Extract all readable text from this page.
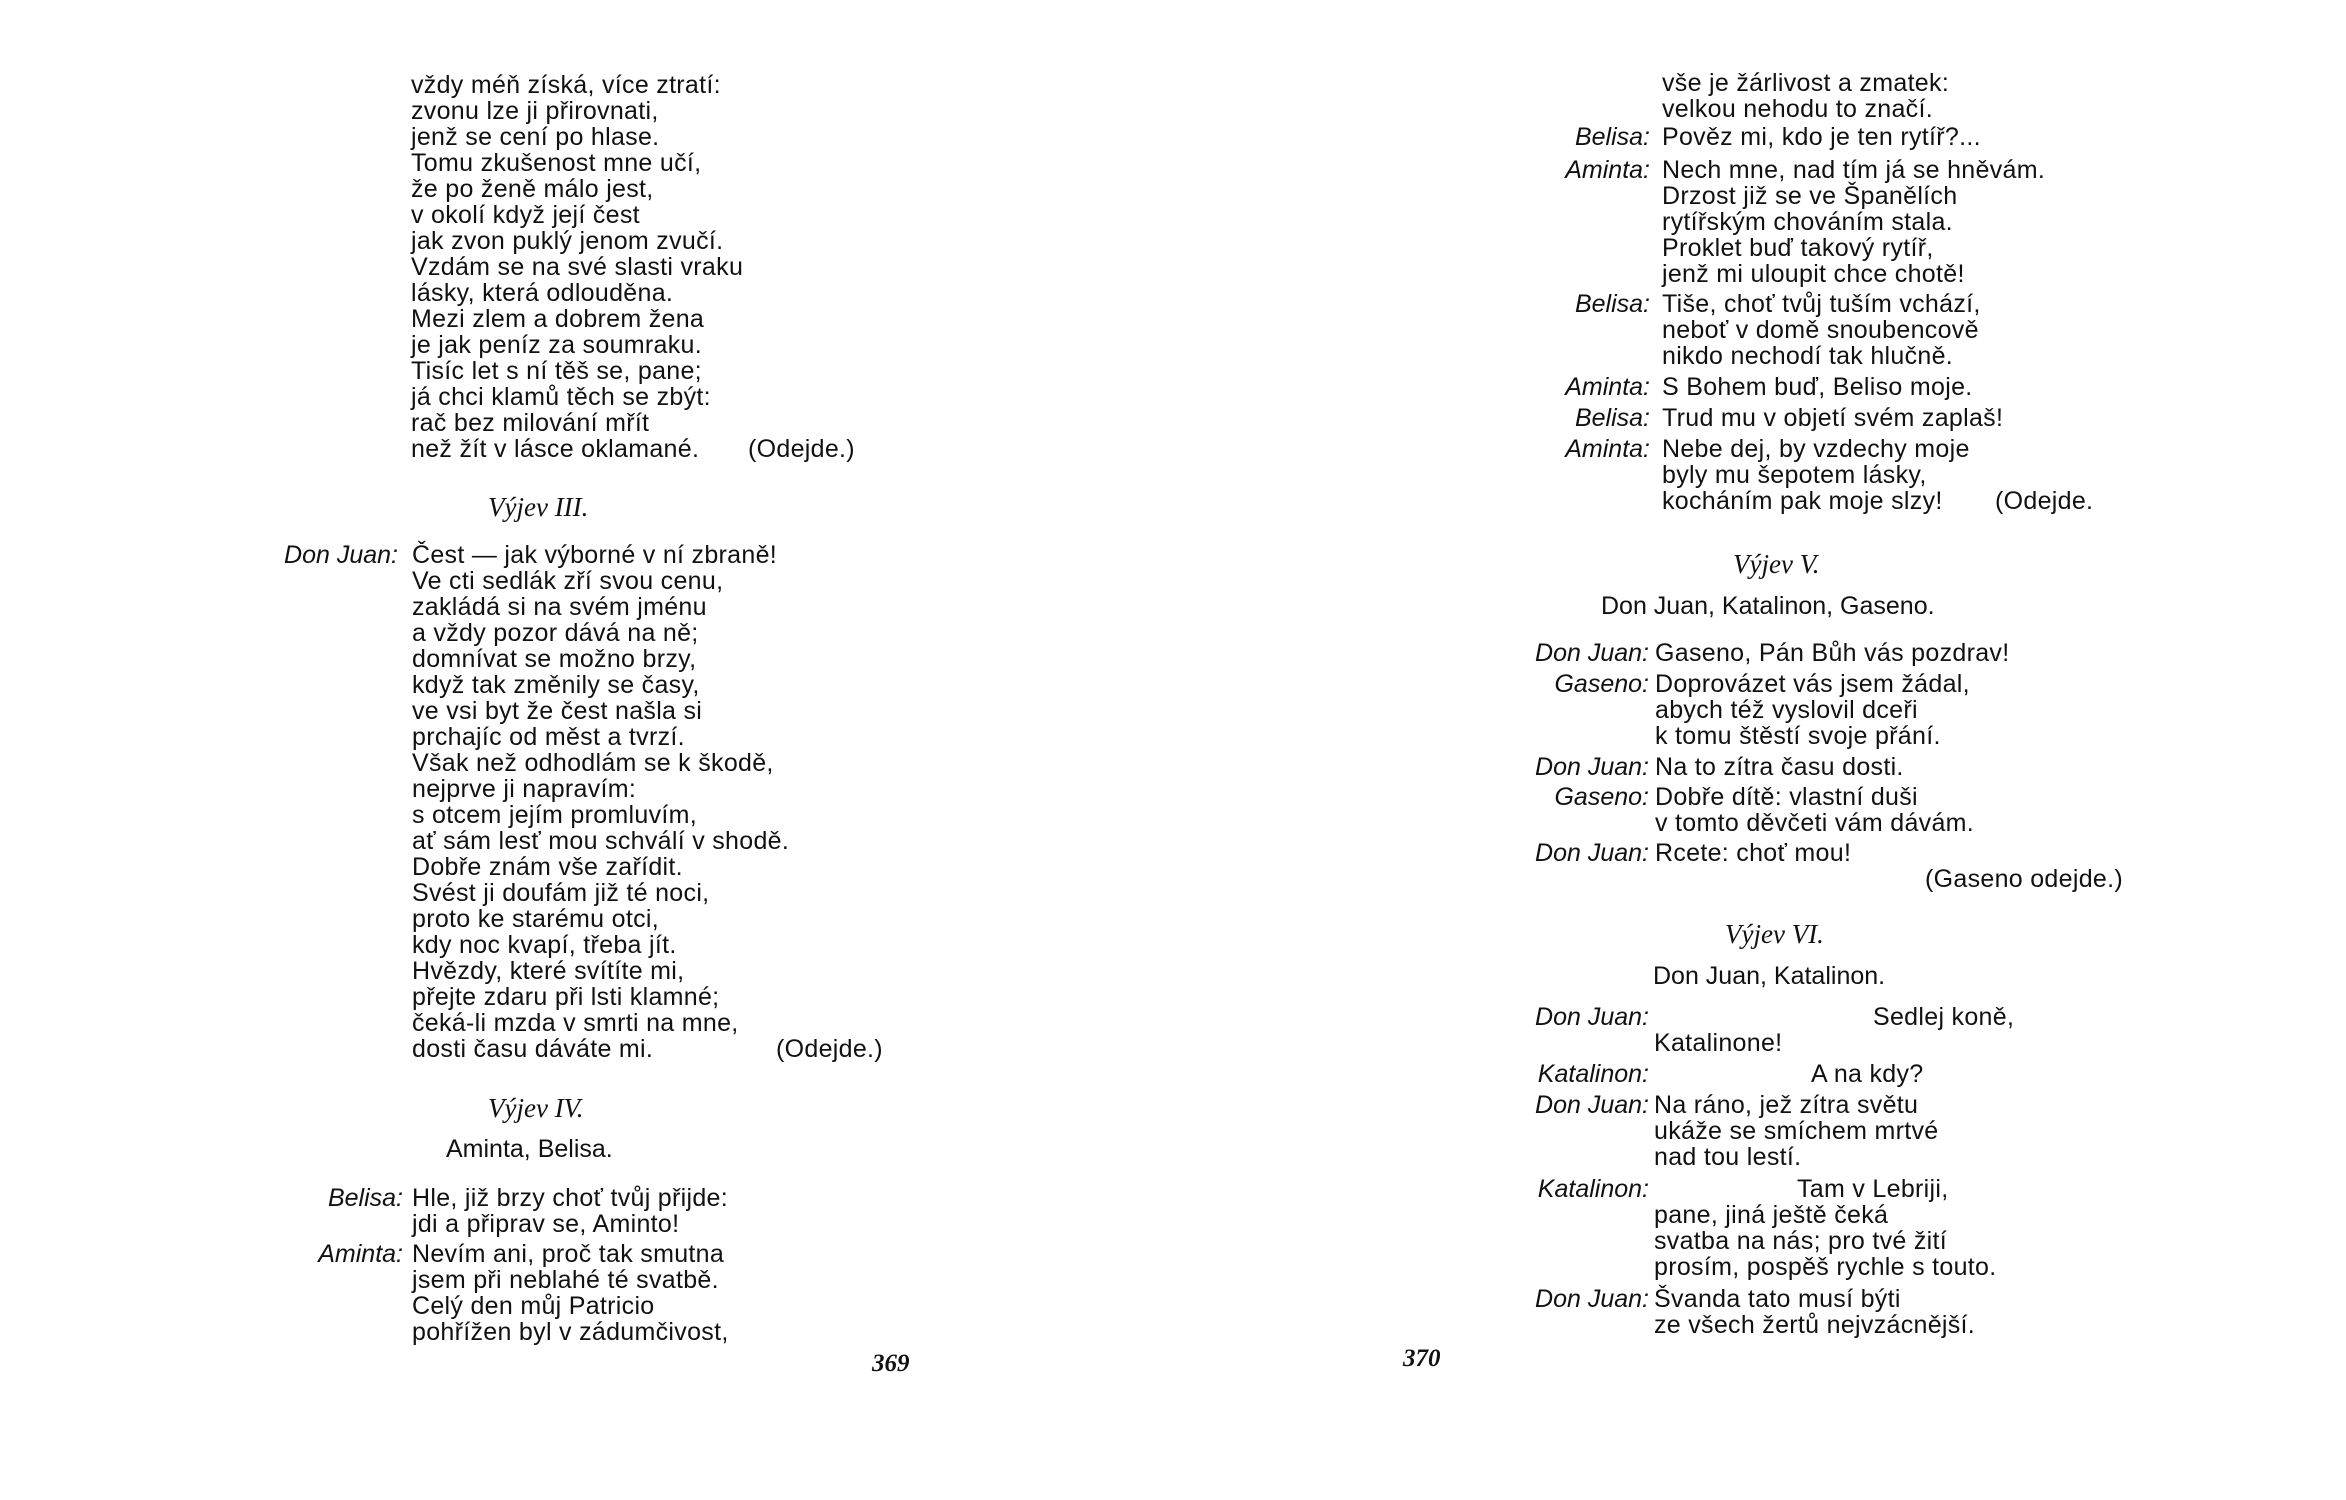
vždy méň získá, více ztratí:
zvonu lze ji přirovnati,
jenž se cení po hlase.
Tomu zkušenost mne učí,
že po ženě málo jest,
v okolí když její čest
jak zvon puklý jenom zvučí.
Vzdám se na své slasti vraku
lásky, která odlouděna.
Mezi zlem a dobrem žena
je jak peníz za soumraku.
Tisíc let s ní těš se, pane;
já chci klamů těch se zbýt:
rač bez milování mřít
než žít v lásce oklamané. (Odejde.)
Výjev III.
Don Juan: Čest — jak výborné v ní zbraně!
Ve cti sedlák zří svou cenu,
zakládá si na svém jménu
a vždy pozor dává na ně;
domnívat se možno brzy,
když tak změnily se časy,
ve vsi byt že čest našla si
prchajíc od měst a tvrzí.
Však než odhodlám se k škodě,
nejprve ji napravím:
s otcem jejím promluvím,
ať sám lesť mou schválí v shodě.
Dobře znám vše zařídit.
Svést ji doufám již té noci,
proto ke starému otci,
kdy noc kvapí, třeba jít.
Hvězdy, které svítíte mi,
přejte zdaru při lsti klamné;
čeká-li mzda v smrti na mne,
dosti času dáváte mi.	(Odejde.)
Výjev IV.
Aminta, Belisa.
Belisa: Hle, již brzy choť tvůj přijde:
jdi a připrav se, Aminto!
Aminta: Nevím ani, proč tak smutna
jsem při neblahé té svatbě.
Celý den můj Patricio
pohřížen byl v zádumčivost,
369
vše je žárlivost a zmatek:
velkou nehodu to značí.
Belisa: Pověz mi, kdo je ten rytíř?...
Aminta: Nech mne, nad tím já se hněvám.
Drzost již se ve Španělích
rytířským chováním stala.
Proklet buď takový rytíř,
jenž mi uloupit chce chotě!
Belisa: Tiše, choť tvůj tuším vchází,
neboť v domě snoubencově
nikdo nechodí tak hlučně.
Aminta: S Bohem buď, Beliso moje.
Belisa: Trud mu v objetí svém zaplaš!
Aminta: Nebe dej, by vzdechy moje
byly mu šepotem lásky,
kocháním pak moje slzy! (Odejde.
Výjev V.
Don Juan, Katalinon, Gaseno.
Don Juan: Gaseno, Pán Bůh vás pozdrav!
Gaseno: Doprovázet vás jsem žádal,
abych též vyslovil dceři
k tomu štěstí svoje přání.
Don Juan: Na to zítra času dosti.
Gaseno: Dobře dítě: vlastní duši
v tomto děvčeti vám dávám.
Don Juan: Rcete: choť mou!
(Gaseno odejde.)
Výjev VI.
Don Juan, Katalinon.
Don Juan:	Sedlej koně,
Katalinone!
Katalinon:	A na kdy?
Don Juan: Na ráno, jež zítra světu
ukáže se smíchem mrtvé
nad tou lestí.
Katalinon:	Tam v Lebriji,
pane, jiná ještě čeká
svatba na nás; pro tvé žití
prosím, pospěš rychle s touto.
Don Juan: Švanda tato musí býti
ze všech žertů nejvzácnější.
370
